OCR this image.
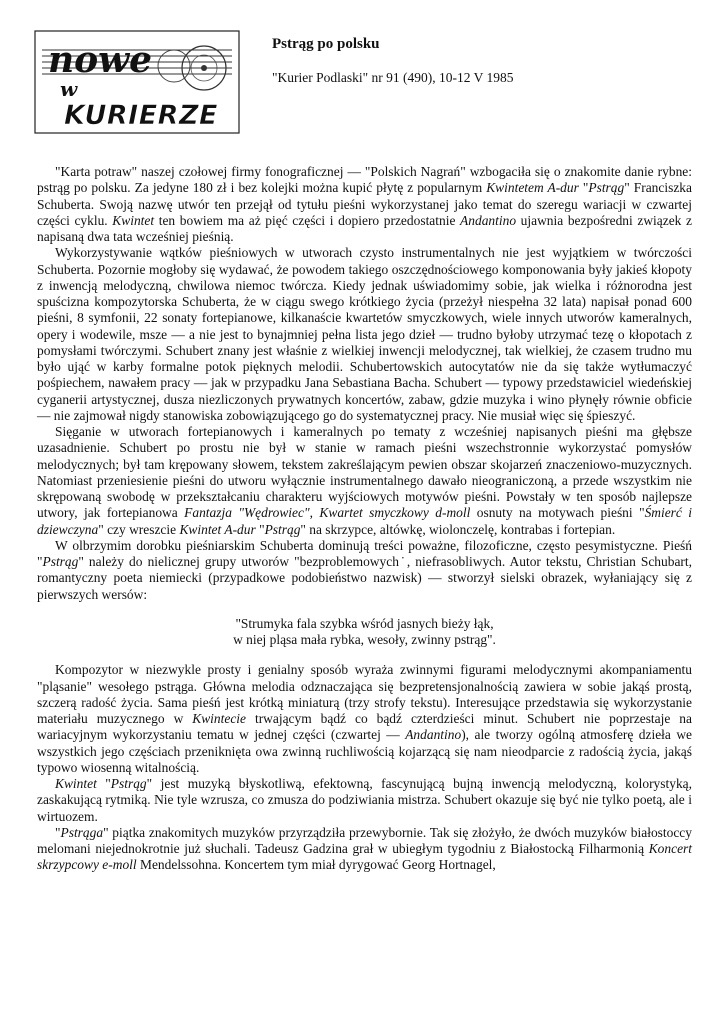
nowe
w
KURIERZE
Pstrąg po polsku

"Kurier Podlaski" nr 91 (490), 10-12 V 1985

"Karta potraw" naszej czołowej firmy fonograficznej — "Polskich Nagrań" wzbogaciła się o znakomite danie rybne: pstrąg po polsku. Za jedyne 180 zł i bez kolejki można kupić płytę z popularnym Kwintetem A-dur "Pstrąg" Franciszka Schuberta. Swoją nazwę utwór ten przejął od tytułu pieśni wykorzystanej jako temat do szeregu wariacji w czwartej części cyklu. Kwintet ten bowiem ma aż pięć części i dopiero przedostatnie Andantino ujawnia bezpośredni związek z napisaną dwa tata wcześniej pieśnią.

Wykorzystywanie wątków pieśniowych w utworach czysto instrumentalnych nie jest wyjątkiem w twórczości Schuberta. Pozornie mogłoby się wydawać, że powodem takiego oszczędnościowego komponowania były jakieś kłopoty z inwencją melodyczną, chwilowa niemoc twórcza. Kiedy jednak uświadomimy sobie, jak wielka i różnorodna jest spuścizna kompozytorska Schuberta, że w ciągu swego krótkiego życia (przeżył niespełna 32 lata) napisał ponad 600 pieśni, 8 symfonii, 22 sonaty fortepianowe, kilkanaście kwartetów smyczkowych, wiele innych utworów kameralnych, opery i wodewile, msze — a nie jest to bynajmniej pełna lista jego dzieł — trudno byłoby utrzymać tezę o kłopotach z pomysłami twórczymi. Schubert znany jest właśnie z wielkiej inwencji melodycznej, tak wielkiej, że czasem trudno mu było ująć w karby formalne potok pięknych melodii. Schubertowskich autocytatów nie da się także wytłumaczyć pośpiechem, nawałem pracy — jak w przypadku Jana Sebastiana Bacha. Schubert — typowy przedstawiciel wiedeńskiej cyganerii artystycznej, dusza niezliczonych prywatnych koncertów, zabaw, gdzie muzyka i wino płynęły równie obficie — nie zajmował nigdy stanowiska zobowiązującego go do systematycznej pracy. Nie musiał więc się śpieszyć.

Sięganie w utworach fortepianowych i kameralnych po tematy z wcześniej napisanych pieśni ma głębsze uzasadnienie. Schubert po prostu nie był w stanie w ramach pieśni wszechstronnie wykorzystać pomysłów melodycznych; był tam krępowany słowem, tekstem zakreślającym pewien obszar skojarzeń znaczeniowo-muzycznych. Natomiast przeniesienie pieśni do utworu wyłącznie instrumentalnego dawało nieograniczoną, a przede wszystkim nie skrępowaną swobodę w przekształcaniu charakteru wyjściowych motywów pieśni. Powstały w ten sposób najlepsze utwory, jak fortepianowa Fantazja "Wędrowiec", Kwartet smyczkowy d-moll osnuty na motywach pieśni "Śmierć i dziewczyna" czy wreszcie Kwintet A-dur "Pstrąg" na skrzypce, altówkę, wiolonczelę, kontrabas i fortepian.

W olbrzymim dorobku pieśniarskim Schuberta dominują treści poważne, filozoficzne, często pesymistyczne. Pieśń "Pstrąg" należy do nielicznej grupy utworów "bezproblemowych˙, niefrasobliwych. Autor tekstu, Christian Schubart, romantyczny poeta niemiecki (przypadkowe podobieństwo nazwisk) — stworzył sielski obrazek, wyłaniający się z pierwszych wersów:

"Strumyka fala szybka wśród jasnych bieży łąk,
w niej pląsa mała rybka, wesoły, zwinny pstrąg".

Kompozytor w niezwykle prosty i genialny sposób wyraża zwinnymi figurami melodycznymi akompaniamentu "pląsanie" wesołego pstrąga. Główna melodia odznaczająca się bezpretensjonalnością zawiera w sobie jakąś prostą, szczerą radość życia. Sama pieśń jest krótką miniaturą (trzy strofy tekstu). Interesujące przedstawia się wykorzystanie materiału muzycznego w Kwintecie trwającym bądź co bądź czterdzieści minut. Schubert nie poprzestaje na wariacyjnym wykorzystaniu tematu w jednej części (czwartej — Andantino), ale tworzy ogólną atmosferę dzieła we wszystkich jego częściach przeniknięta owa zwinną ruchliwością kojarzącą się nam nieodparcie z radością życia, jakąś typowo wiosenną witalnością.

Kwintet "Pstrąg" jest muzyką błyskotliwą, efektowną, fascynującą bujną inwencją melodyczną, kolorystyką, zaskakującą rytmiką. Nie tyle wzrusza, co zmusza do podziwiania mistrza. Schubert okazuje się być nie tylko poetą, ale i wirtuozem.

"Pstrąga" piątka znakomitych muzyków przyrządziła przewybornie. Tak się złożyło, że dwóch muzyków białostoccy melomani niejednokrotnie już słuchali. Tadeusz Gadzina grał w ubiegłym tygodniu z Białostocką Filharmonią Koncert skrzypcowy e-moll Mendelssohna. Koncertem tym miał dyrygować Georg Hortnagel,
